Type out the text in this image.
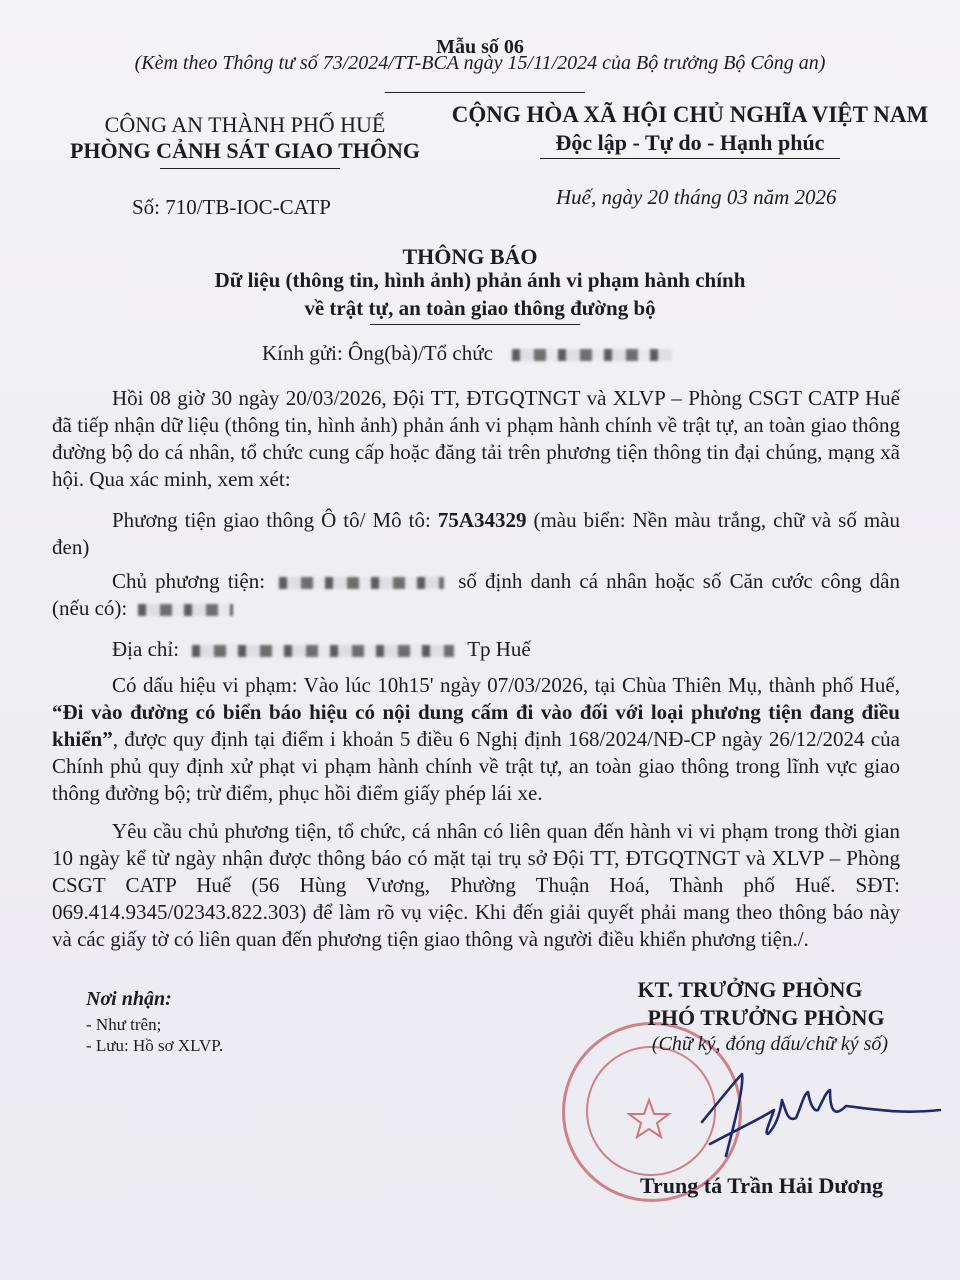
Mẫu số 06
(Kèm theo Thông tư số 73/2024/TT-BCA ngày 15/11/2024 của Bộ trưởng Bộ Công an)
CÔNG AN THÀNH PHỐ HUẾ
PHÒNG CẢNH SÁT GIAO THÔNG
CỘNG HÒA XÃ HỘI CHỦ NGHĨA VIỆT NAM
Độc lập - Tự do - Hạnh phúc
Số: 710/TB-IOC-CATP	Huế, ngày 20 tháng 03 năm 2026
THÔNG BÁO
Dữ liệu (thông tin, hình ảnh) phản ánh vi phạm hành chính
về trật tự, an toàn giao thông đường bộ
Kính gửi: Ông(bà)/Tổ chức
Hồi 08 giờ 30 ngày 20/03/2026, Đội TT, ĐTGQTNGT và XLVP – Phòng CSGT CATP Huế đã tiếp nhận dữ liệu (thông tin, hình ảnh) phản ánh vi phạm hành chính về trật tự, an toàn giao thông đường bộ do cá nhân, tổ chức cung cấp hoặc đăng tải trên phương tiện thông tin đại chúng, mạng xã hội. Qua xác minh, xem xét:
Phương tiện giao thông Ô tô/ Mô tô: 75A34329 (màu biển: Nền màu trắng, chữ và số màu đen)
Chủ phương tiện:	số định danh cá nhân hoặc số Căn cước công dân (nếu có):
Địa chỉ:	Tp Huế
Có dấu hiệu vi phạm: Vào lúc 10h15' ngày 07/03/2026, tại Chùa Thiên Mụ, thành phố Huế, “Đi vào đường có biển báo hiệu có nội dung cấm đi vào đối với loại phương tiện đang điều khiển”, được quy định tại điểm i khoản 5 điều 6 Nghị định 168/2024/NĐ-CP ngày 26/12/2024 của Chính phủ quy định xử phạt vi phạm hành chính về trật tự, an toàn giao thông trong lĩnh vực giao thông đường bộ; trừ điểm, phục hồi điểm giấy phép lái xe.
Yêu cầu chủ phương tiện, tổ chức, cá nhân có liên quan đến hành vi vi phạm trong thời gian 10 ngày kể từ ngày nhận được thông báo có mặt tại trụ sở Đội TT, ĐTGQTNGT và XLVP – Phòng CSGT CATP Huế (56 Hùng Vương, Phường Thuận Hoá, Thành phố Huế. SĐT: 069.414.9345/02343.822.303) để làm rõ vụ việc. Khi đến giải quyết phải mang theo thông báo này và các giấy tờ có liên quan đến phương tiện giao thông và người điều khiển phương tiện./.
Nơi nhận:
- Như trên;
- Lưu: Hồ sơ XLVP.
KT. TRƯỞNG PHÒNG
PHÓ TRƯỞNG PHÒNG
(Chữ ký, đóng dấu/chữ ký số)
Trung tá Trần Hải Dương
